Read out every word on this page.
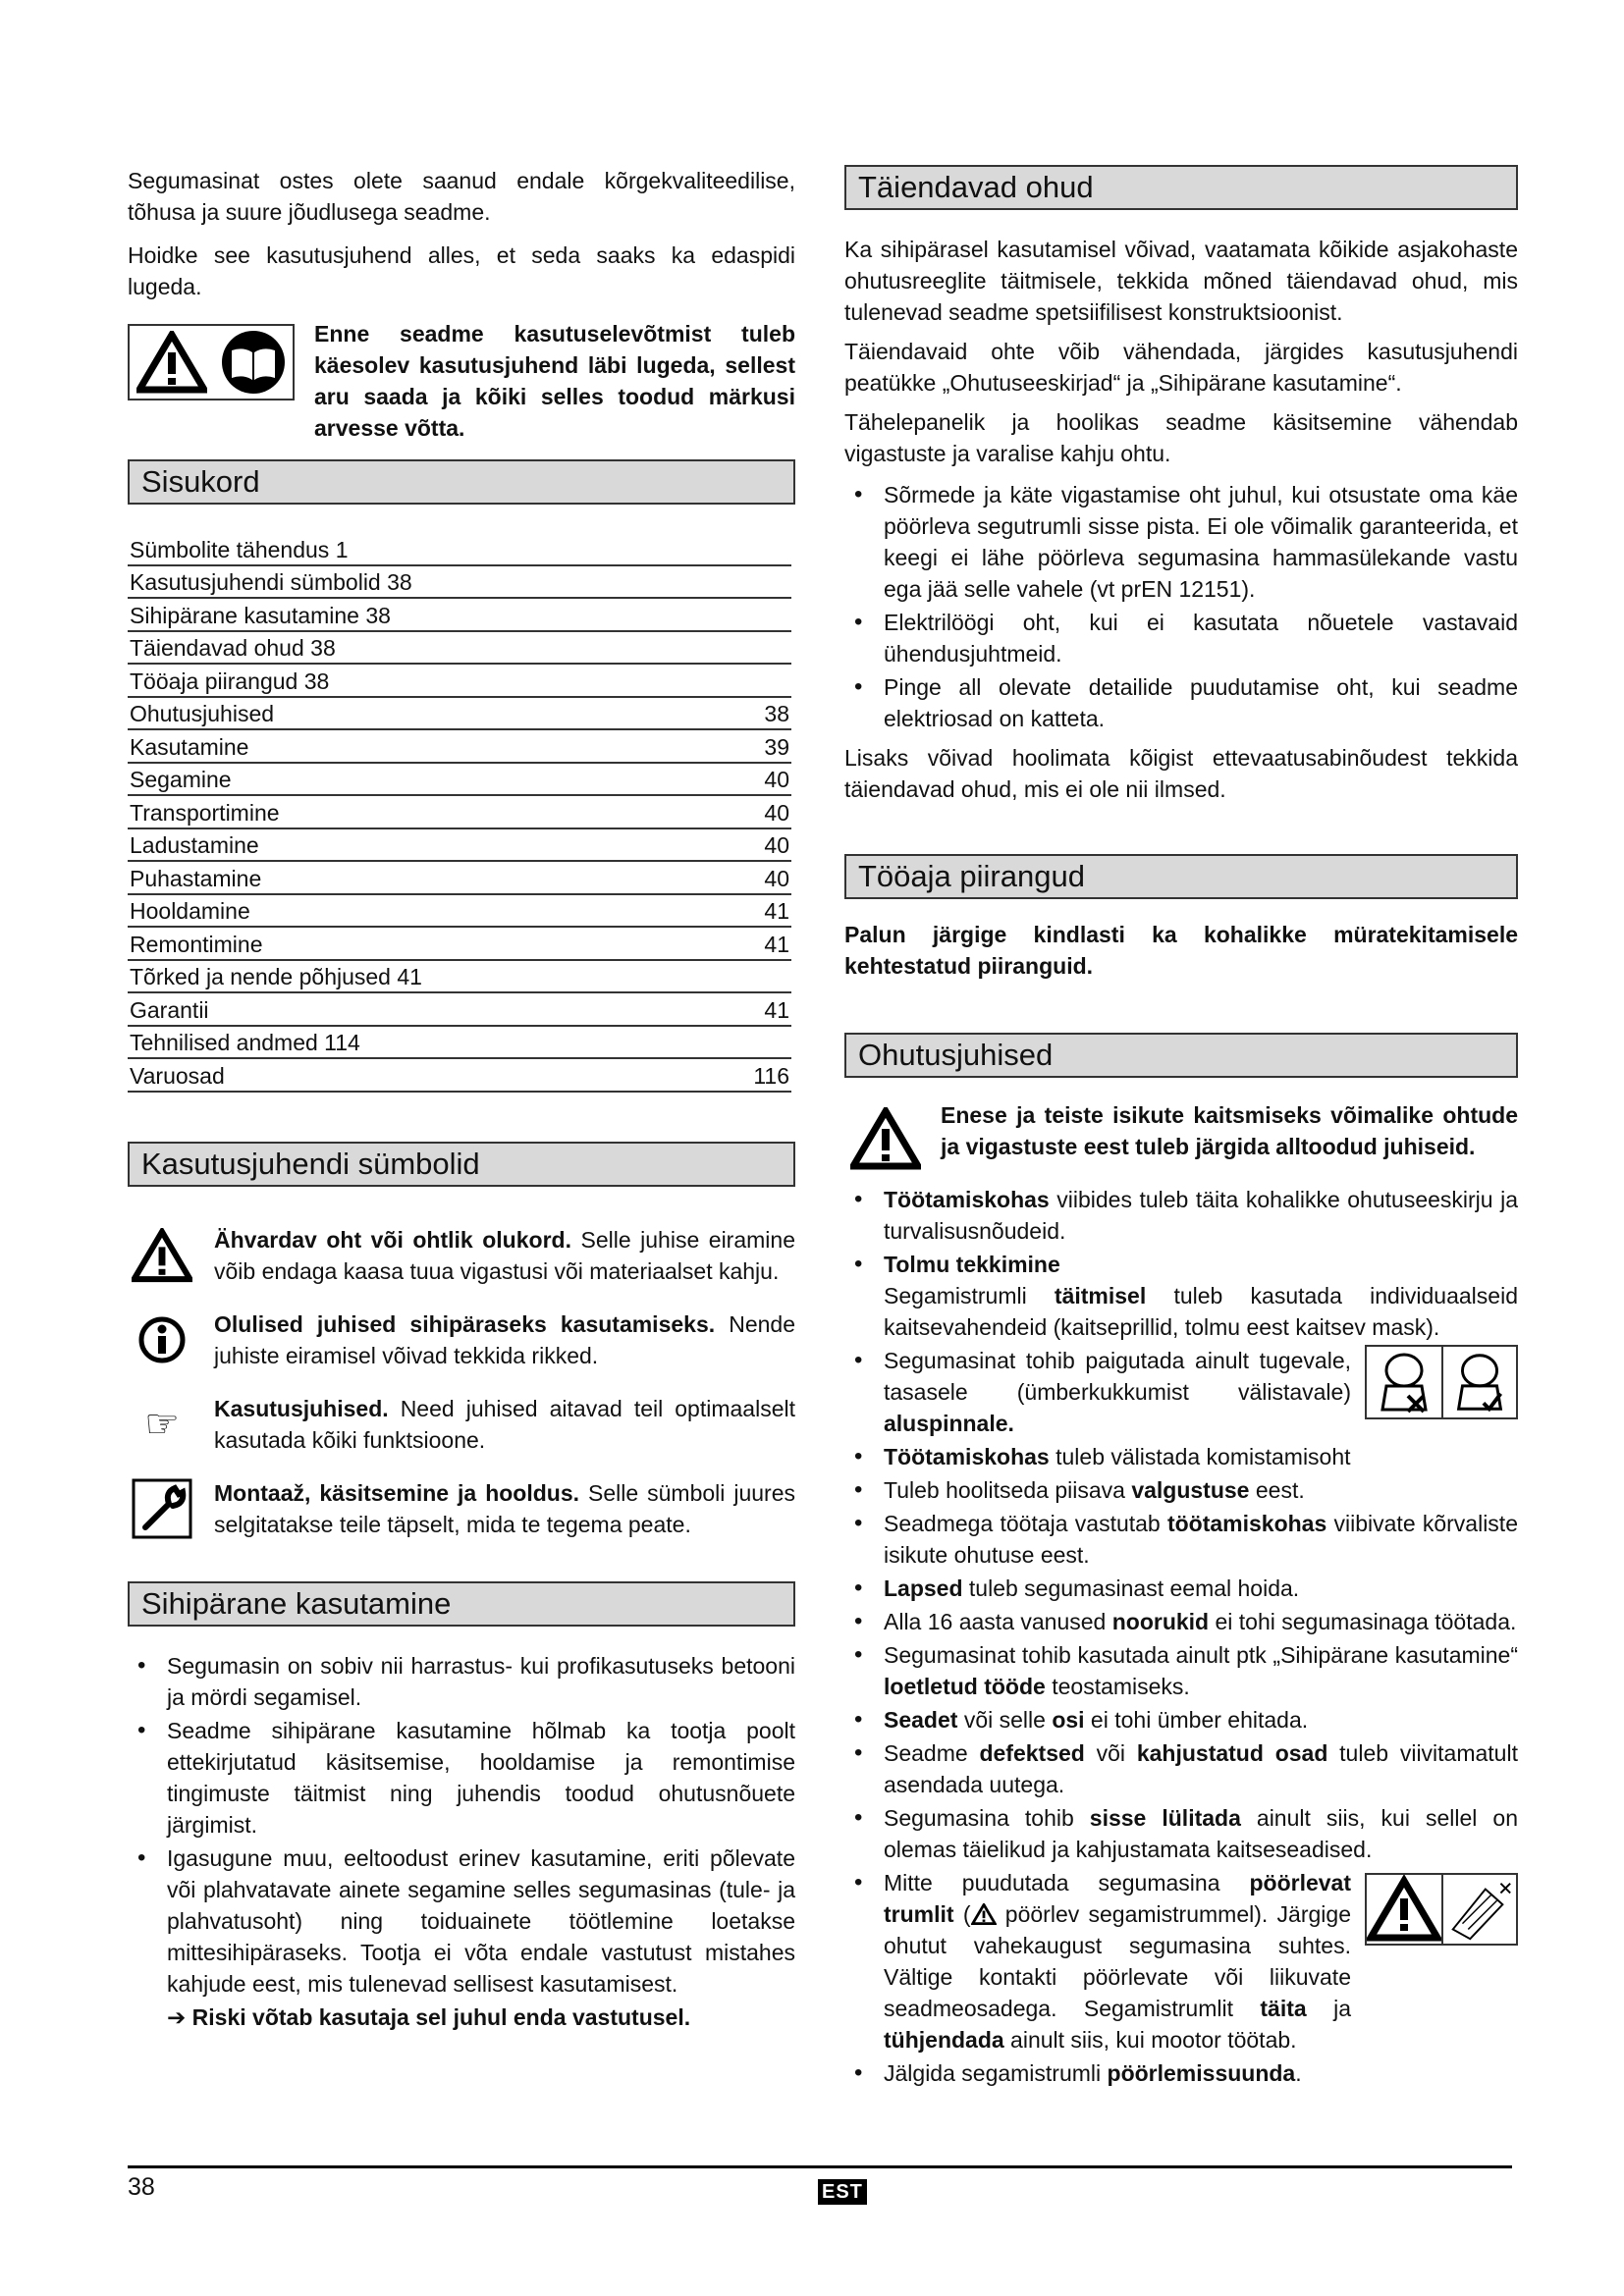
Segumasinat ostes olete saanud endale kõrgekvaliteedilise, tõhusa ja suure jõudlusega seadme.

Hoidke see kasutusjuhend alles, et seda saaks ka edaspidi lugeda.

Enne seadme kasutuselevõtmist tuleb käesolev kasutusjuhend läbi lugeda, sellest aru saada ja kõiki selles toodud märkusi arvesse võtta.

Sisukord
Sümbolite tähendus 1	
Kasutusjuhendi sümbolid 38	
Sihipärane kasutamine 38	
Täiendavad ohud 38	
Tööaja piirangud 38	
Ohutusjuhised	38
Kasutamine	39
Segamine	40
Transportimine	40
Ladustamine	40
Puhastamine	40
Hooldamine	41
Remontimine	41
Tõrked ja nende põhjused 41	
Garantii	41
Tehnilised andmed 114	
Varuosad	116
Kasutusjuhendi sümbolid
Ähvardav oht või ohtlik olukord. Selle juhise eiramine võib endaga kaasa tuua vigastusi või materiaalset kahju.
Olulised juhised sihipäraseks kasutamiseks. Nende juhiste eiramisel võivad tekkida rikked.
☞	Kasutusjuhised. Need juhised aitavad teil optimaalselt kasutada kõiki funktsioone.
Montaaž, käsitsemine ja hooldus. Selle sümboli juures selgitatakse teile täpselt, mida te tegema peate.
Sihipärane kasutamine
• Segumasin on sobiv nii harrastus- kui profikasutuseks betooni ja mördi segamisel.
• Seadme sihipärane kasutamine hõlmab ka tootja poolt ettekirjutatud käsitsemise, hooldamise ja remontimise tingimuste täitmist ning juhendis toodud ohutusnõuete järgimist.
• Igasugune muu, eeltoodust erinev kasutamine, eriti põlevate või plahvatavate ainete segamine selles segumasinas (tule- ja plahvatusoht) ning toiduainete töötlemine loetakse mittesihipäraseks. Tootja ei võta endale vastutust mistahes kahjude eest, mis tulenevad sellisest kasutamisest.
➔ Riski võtab kasutaja sel juhul enda vastutusel.
Täiendavad ohud

Ka sihipärasel kasutamisel võivad, vaatamata kõikide asjakohaste ohutusreeglite täitmisele, tekkida mõned täiendavad ohud, mis tulenevad seadme spetsiifilisest konstruktsioonist.

Täiendavaid ohte võib vähendada, järgides kasutusjuhendi peatükke „Ohutuseeskirjad“ ja „Sihipärane kasutamine“.

Tähelepanelik ja hoolikas seadme käsitsemine vähendab vigastuste ja varalise kahju ohtu.

• Sõrmede ja käte vigastamise oht juhul, kui otsustate oma käe pöörleva segutrumli sisse pista. Ei ole võimalik garanteerida, et keegi ei lähe pöörleva segumasina hammasülekande vastu ega jää selle vahele (vt prEN 12151).
• Elektrilöögi oht, kui ei kasutata nõuetele vastavaid ühendusjuhtmeid.
• Pinge all olevate detailide puudutamise oht, kui seadme elektriosad on katteta.

Lisaks võivad hoolimata kõigist ettevaatusabinõudest tekkida täiendavad ohud, mis ei ole nii ilmsed.

Tööaja piirangud

Palun järgige kindlasti ka kohalikke müratekitamisele kehtestatud piiranguid.

Ohutusjuhised

Enese ja teiste isikute kaitsmiseks võimalike ohtude ja vigastuste eest tuleb järgida alltoodud juhiseid.

• Töötamiskohas viibides tuleb täita kohalikke ohutuseeskirju ja turvalisusnõudeid.
• Tolmu tekkimine
Segamistrumli täitmisel tuleb kasutada individuaalseid kaitsevahendeid (kaitseprillid, tolmu eest kaitsev mask).
• Segumasinat tohib paigutada ainult tugevale, tasasele (ümberkukkumist välistavale) aluspinnale.
• Töötamiskohas tuleb välistada komistamisoht
• Tuleb hoolitseda piisava valgustuse eest.
• Seadmega töötaja vastutab töötamiskohas viibivate kõrvaliste isikute ohutuse eest.
• Lapsed tuleb segumasinast eemal hoida.
• Alla 16 aasta vanused noorukid ei tohi segumasinaga töötada.
• Segumasinat tohib kasutada ainult ptk „Sihipärane kasutamine“ loetletud tööde teostamiseks.
• Seadet või selle osi ei tohi ümber ehitada.
• Seadme defektsed või kahjustatud osad tuleb viivitamatult asendada uutega.
• Segumasina tohib sisse lülitada ainult siis, kui sellel on olemas täielikud ja kahjustamata kaitseseadised.
• Mitte puudutada segumasina pöörlevat trumlit ( pöörlev segamistrummel). Järgige ohutut vahekaugust segumasina suhtes. Vältige kontakti pöörlevate või liikuvate seadmeosadega. Segamistrumlit täita ja tühjendada ainult siis, kui mootor töötab.
• Jälgida segamistrumli pöörlemissuunda.
38	EST
